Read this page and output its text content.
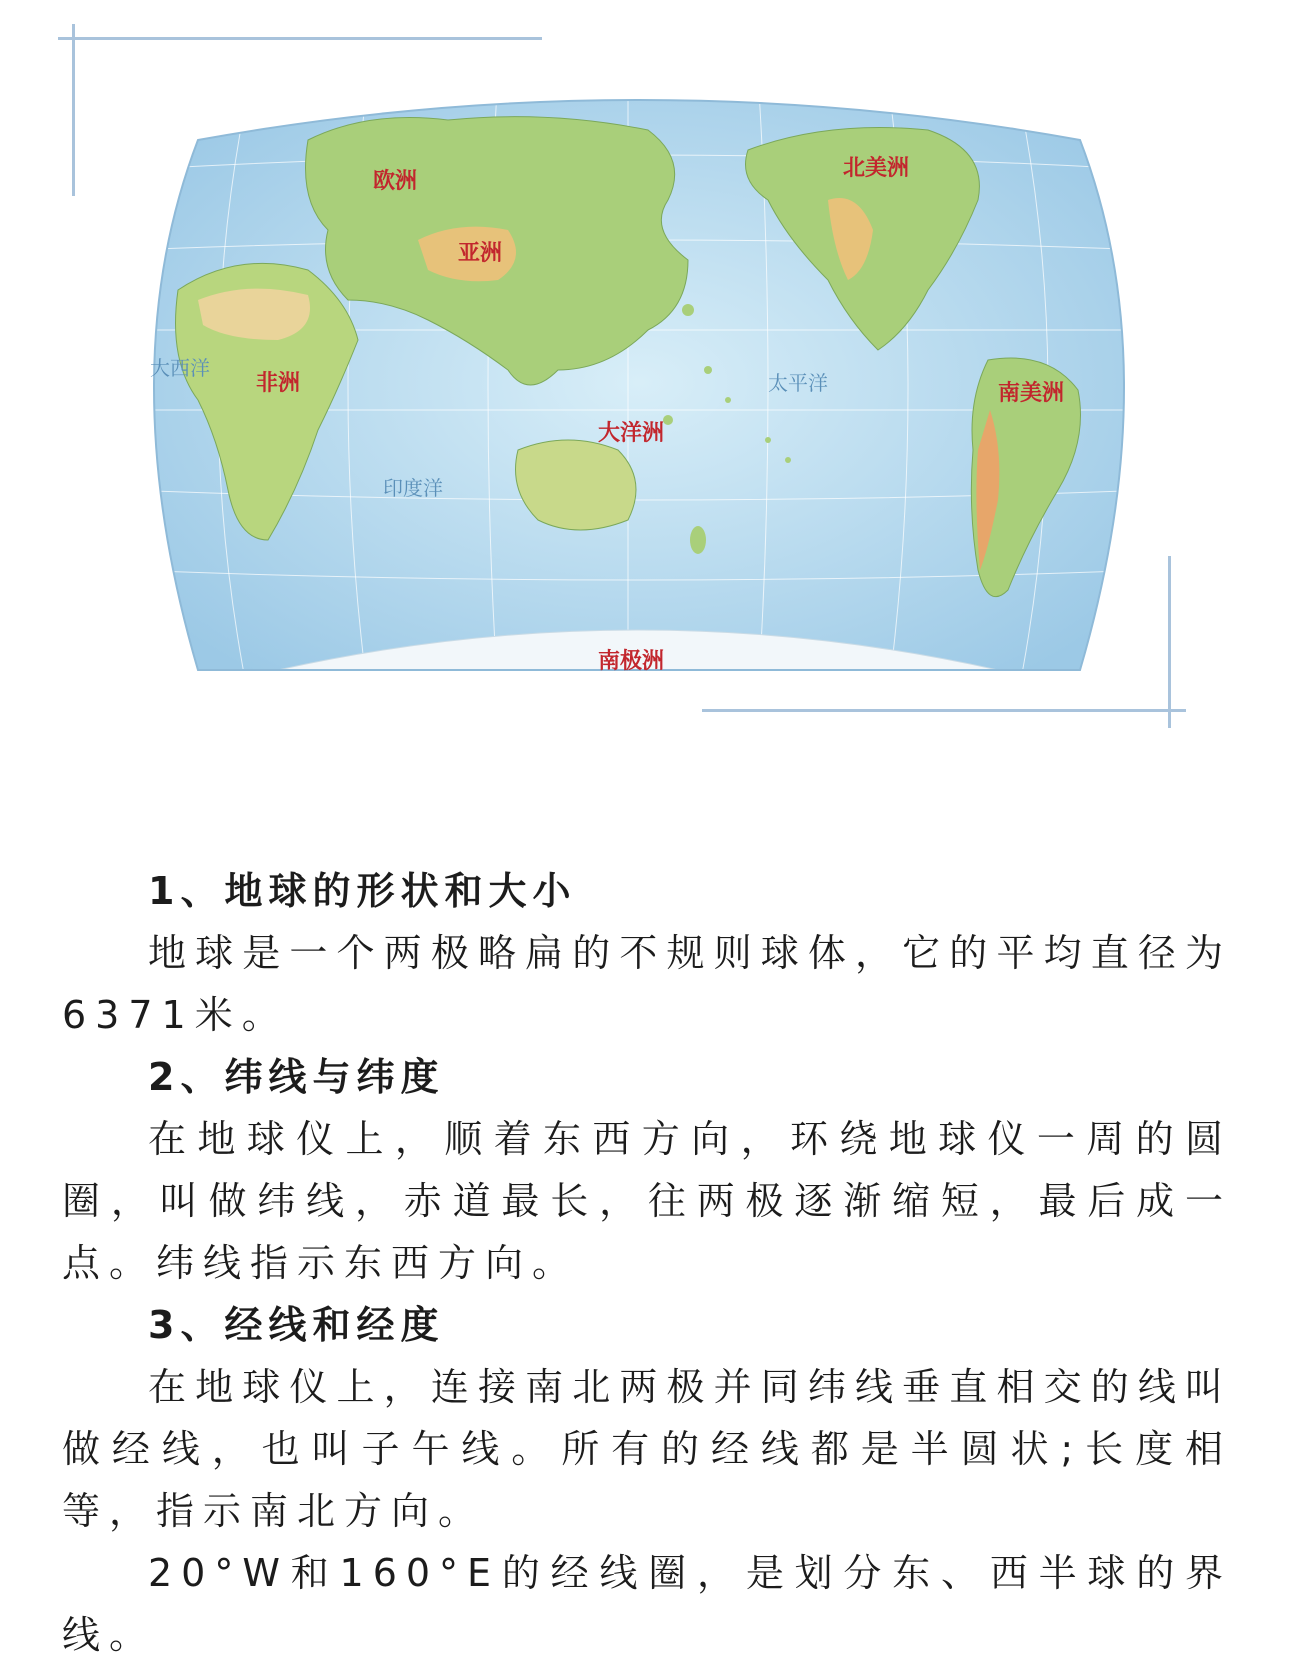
欧洲
亚洲
非洲
大洋洲
北美洲
南美洲
南极洲
大西洋
印度洋
太平洋
1、地球的形状和大小

地球是一个两极略扁的不规则球体，它的平均直径为6371米。

2、纬线与纬度

在地球仪上，顺着东西方向，环绕地球仪一周的圆圈，叫做纬线，赤道最长，往两极逐渐缩短，最后成一点。纬线指示东西方向。

3、经线和经度

在地球仪上，连接南北两极并同纬线垂直相交的线叫做经线，也叫子午线。所有的经线都是半圆状;长度相等，指示南北方向。

20°W和160°E的经线圈，是划分东、西半球的界线。
